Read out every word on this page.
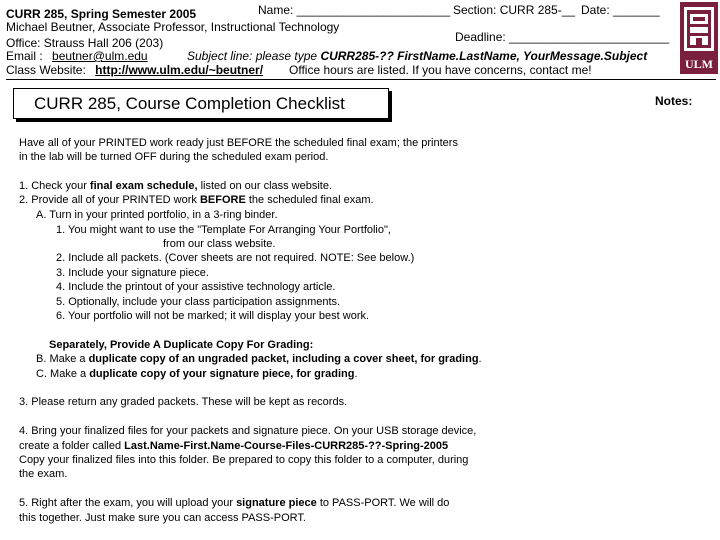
CURR 285, Spring Semester 2005	Name: _______________________ Section: CURR 285-__ Date: _______
Michael Beutner, Associate Professor, Instructional Technology
Deadline: ________________________
Office: Strauss Hall 206 (203)
Email : beutner@ulm.edu	Subject line: please type CURR285-?? FirstName.LastName, YourMessage.Subject
Class Website: http://www.ulm.edu/~beutner/ Office hours are listed. If you have concerns, contact me!	ULM
Notes:
CURR 285, Course Completion Checklist
Have all of your PRINTED work ready just BEFORE the scheduled final exam; the printers
in the lab will be turned OFF during the scheduled exam period.
1. Check your final exam schedule, listed on our class website.
2. Provide all of your PRINTED work BEFORE the scheduled final exam.
A. Turn in your printed portfolio, in a 3-ring binder.
1. You might want to use the "Template For Arranging Your Portfolio",
from our class website.
2. Include all packets. (Cover sheets are not required. NOTE: See below.)
3. Include your signature piece.
4. Include the printout of your assistive technology article.
5. Optionally, include your class participation assignments.
6. Your portfolio will not be marked; it will display your best work.
Separately, Provide A Duplicate Copy For Grading:
B. Make a duplicate copy of an ungraded packet, including a cover sheet, for grading.
C. Make a duplicate copy of your signature piece, for grading.
3. Please return any graded packets. These will be kept as records.
4. Bring your finalized files for your packets and signature piece. On your USB storage device,
create a folder called Last.Name-First.Name-Course-Files-CURR285-??-Spring-2005
Copy your finalized files into this folder. Be prepared to copy this folder to a computer, during
the exam.
5. Right after the exam, you will upload your signature piece to PASS-PORT. We will do
this together. Just make sure you can access PASS-PORT.
